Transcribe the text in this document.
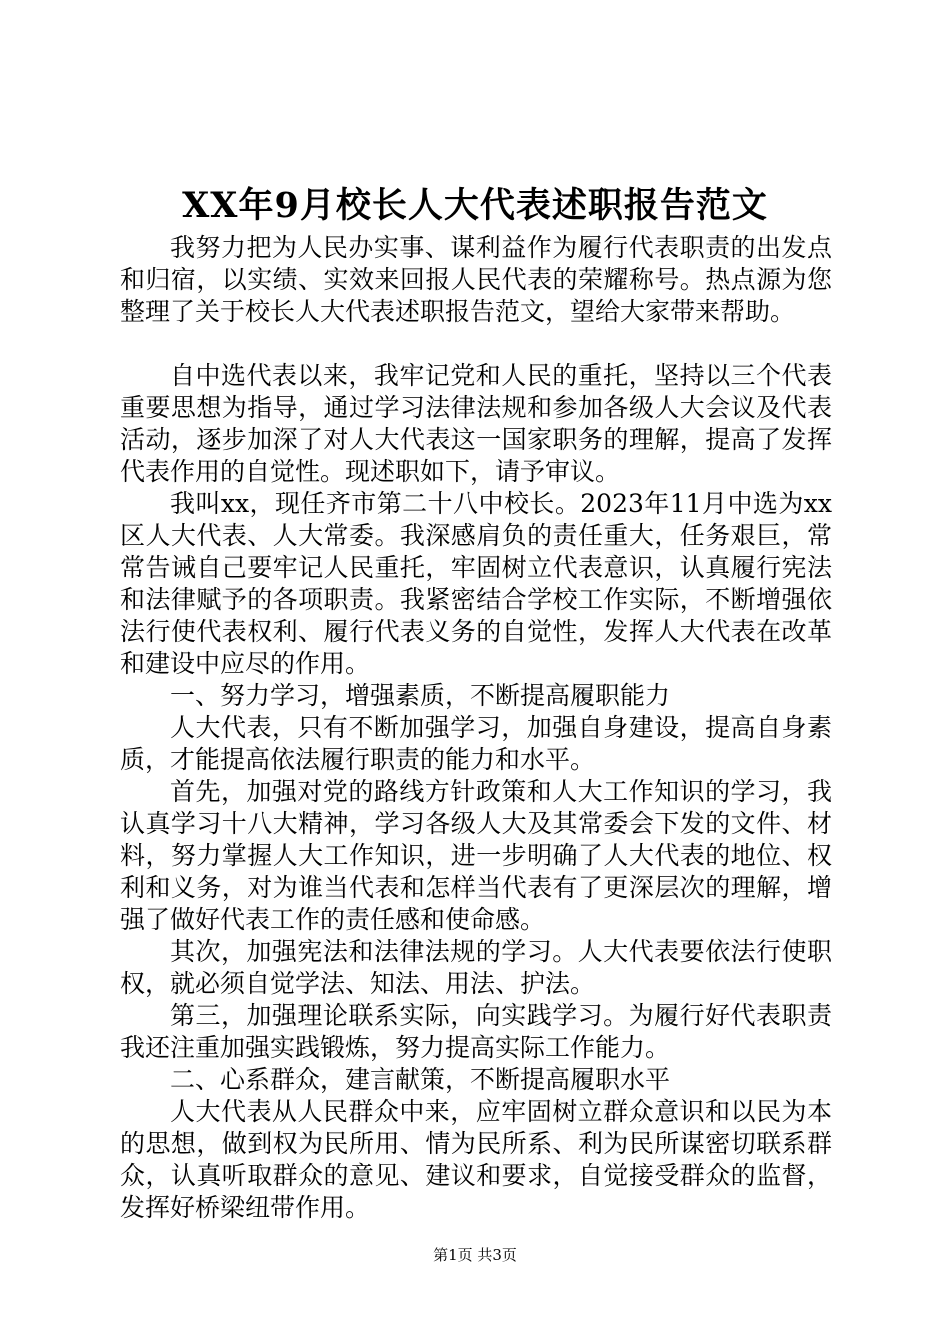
XX年9月校长人大代表述职报告范文

我努力把为人民办实事、谋利益作为履行代表职责的出发点和归宿，以实绩、实效来回报人民代表的荣耀称号。热点源为您整理了关于校长人大代表述职报告范文，望给大家带来帮助。

自中选代表以来，我牢记党和人民的重托，坚持以三个代表重要思想为指导，通过学习法律法规和参加各级人大会议及代表活动，逐步加深了对人大代表这一国家职务的理解，提高了发挥代表作用的自觉性。现述职如下，请予审议。

我叫xx，现任齐市第二十八中校长。2023年11月中选为xx区人大代表、人大常委。我深感肩负的责任重大，任务艰巨，常常告诫自己要牢记人民重托，牢固树立代表意识，认真履行宪法和法律赋予的各项职责。我紧密结合学校工作实际，不断增强依法行使代表权利、履行代表义务的自觉性，发挥人大代表在改革和建设中应尽的作用。

一、努力学习，增强素质，不断提高履职能力

人大代表，只有不断加强学习，加强自身建设，提高自身素质，才能提高依法履行职责的能力和水平。

首先，加强对党的路线方针政策和人大工作知识的学习，我认真学习十八大精神，学习各级人大及其常委会下发的文件、材料，努力掌握人大工作知识，进一步明确了人大代表的地位、权利和义务，对为谁当代表和怎样当代表有了更深层次的理解，增强了做好代表工作的责任感和使命感。

其次，加强宪法和法律法规的学习。人大代表要依法行使职权，就必须自觉学法、知法、用法、护法。

第三，加强理论联系实际，向实践学习。为履行好代表职责我还注重加强实践锻炼，努力提高实际工作能力。

二、心系群众，建言献策，不断提高履职水平

人大代表从人民群众中来，应牢固树立群众意识和以民为本的思想，做到权为民所用、情为民所系、利为民所谋密切联系群众，认真听取群众的意见、建议和要求，自觉接受群众的监督，发挥好桥梁纽带作用。

第1页 共3页
